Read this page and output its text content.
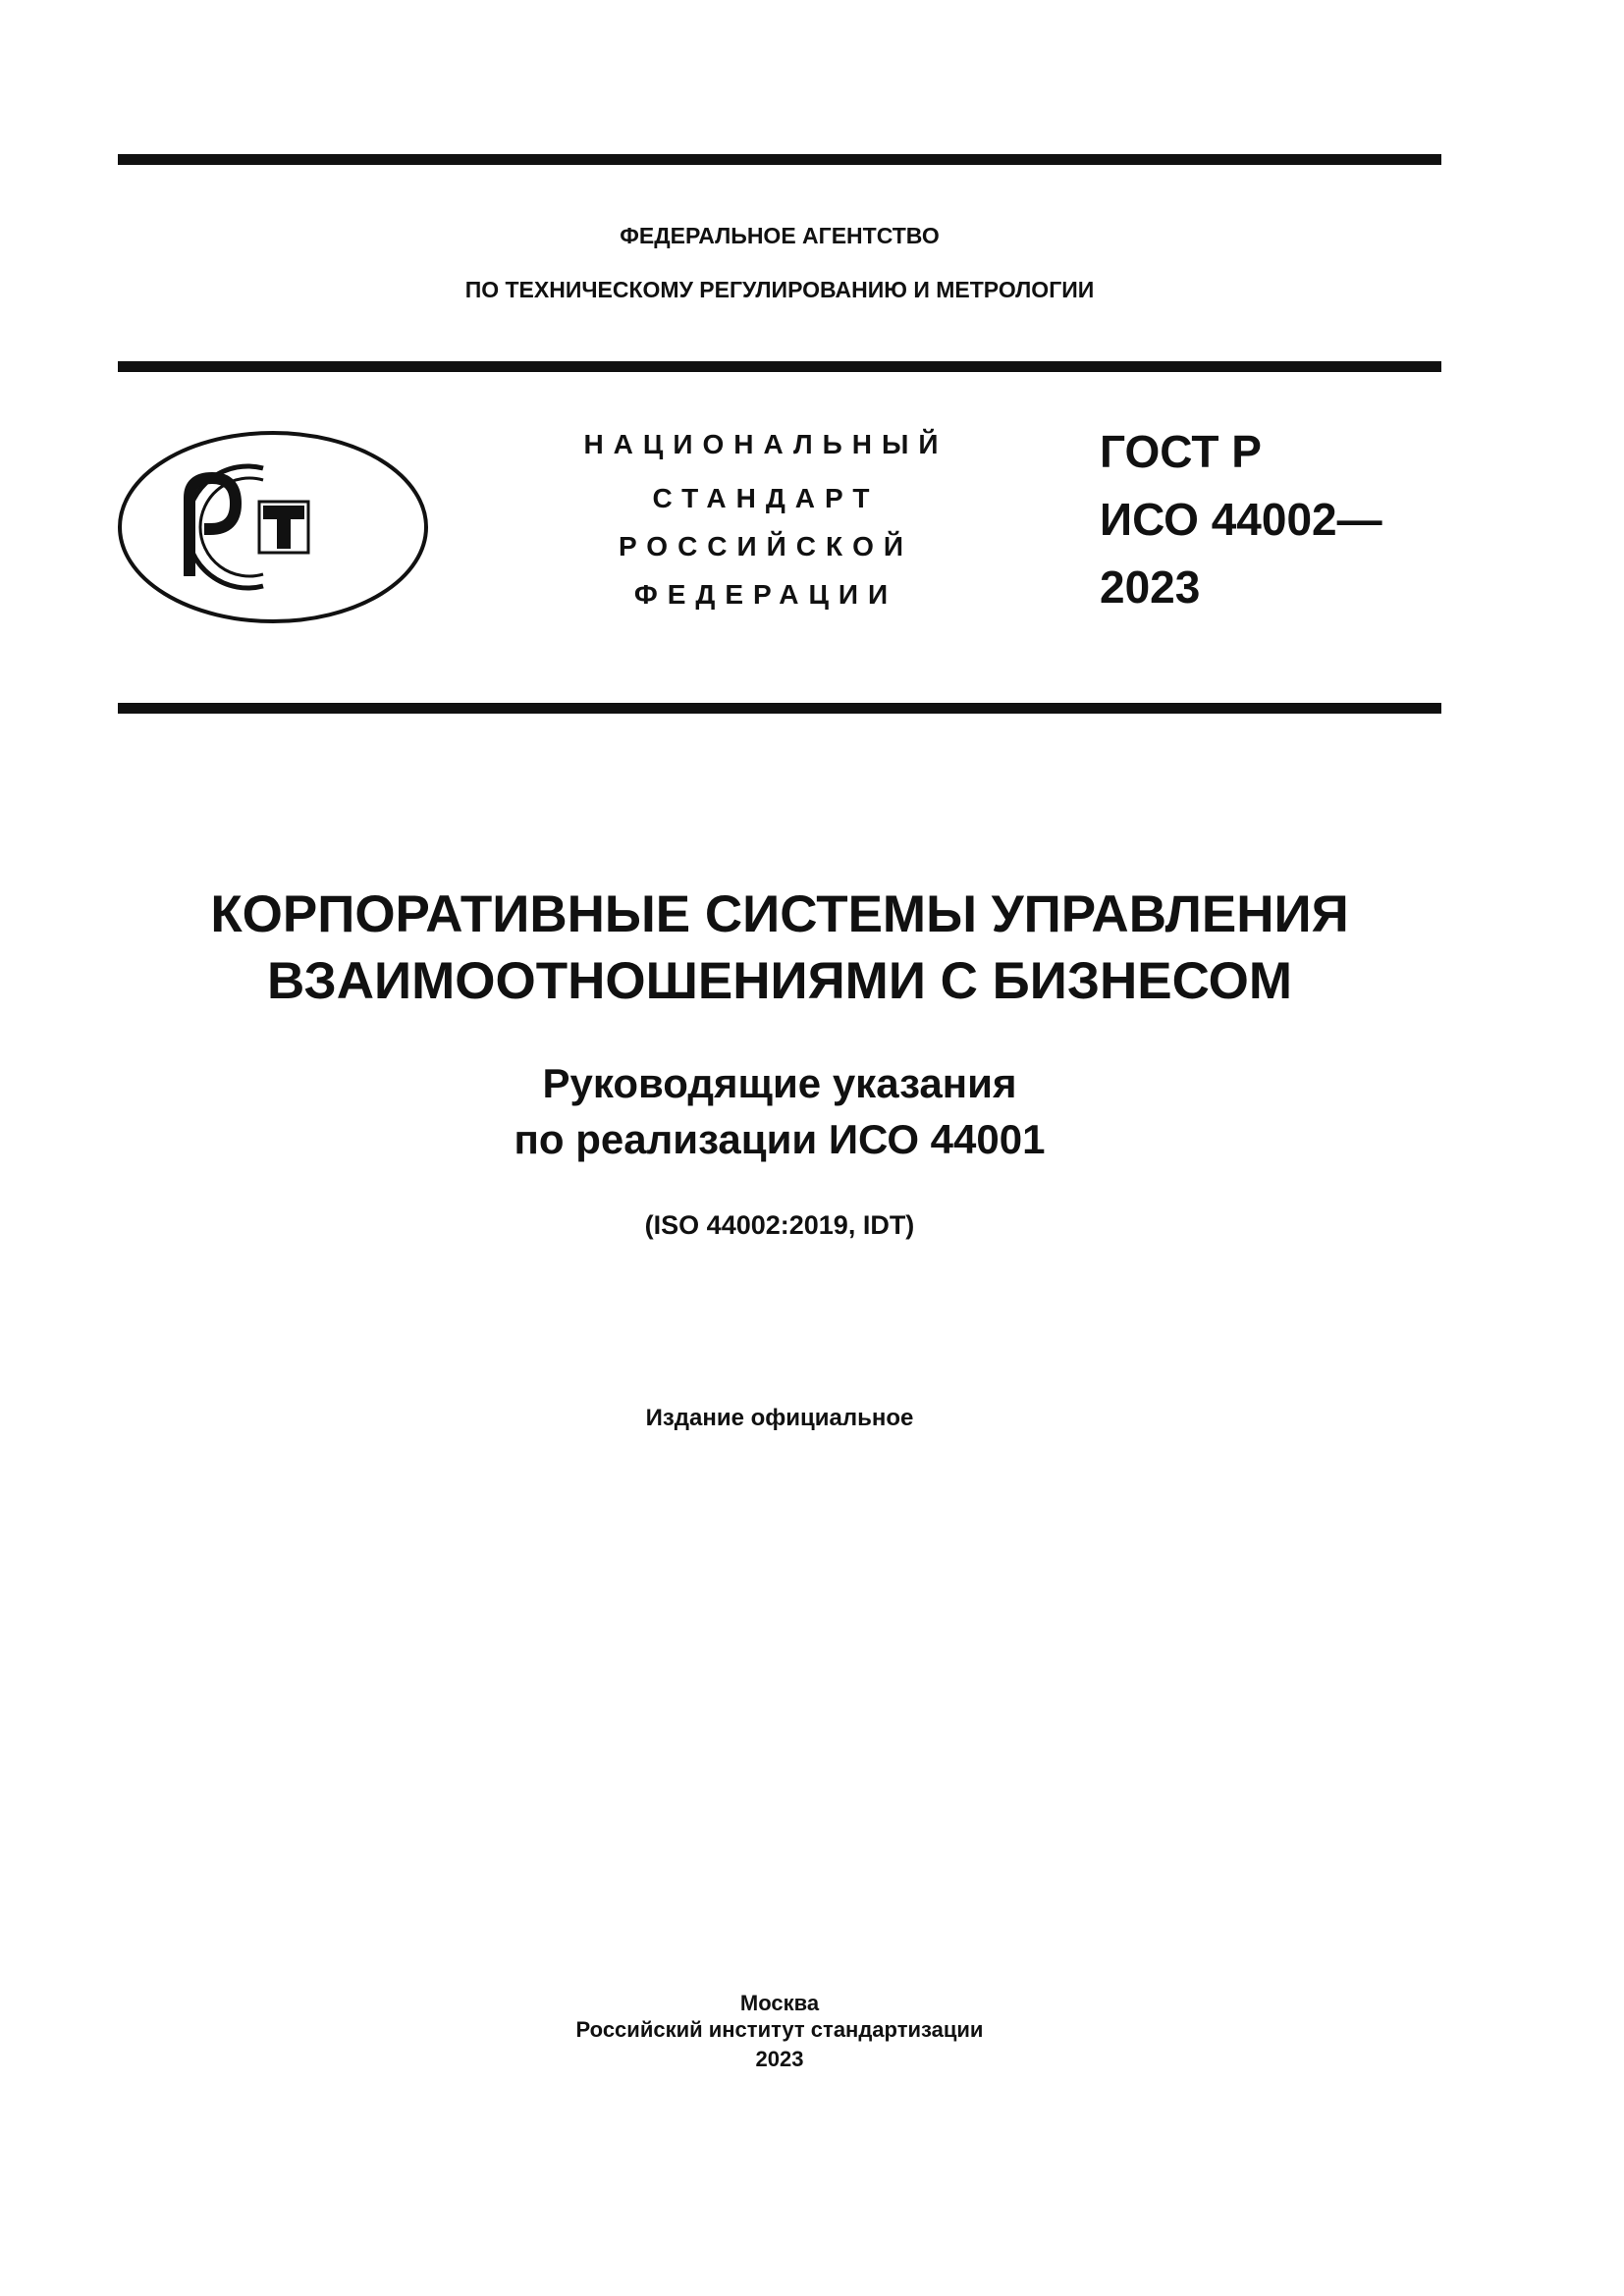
ФЕДЕРАЛЬНОЕ АГЕНТСТВО
ПО ТЕХНИЧЕСКОМУ РЕГУЛИРОВАНИЮ И МЕТРОЛОГИИ
НАЦИОНАЛЬНЫЙ
СТАНДАРТ
РОССИЙСКОЙ
ФЕДЕРАЦИИ
ГОСТ Р
ИСО 44002—
2023
КОРПОРАТИВНЫЕ СИСТЕМЫ УПРАВЛЕНИЯ
ВЗАИМООТНОШЕНИЯМИ С БИЗНЕСОМ
Руководящие указания
по реализации ИСО 44001
(ISO 44002:2019, IDT)
Издание официальное
Москва
Российский институт стандартизации
2023
